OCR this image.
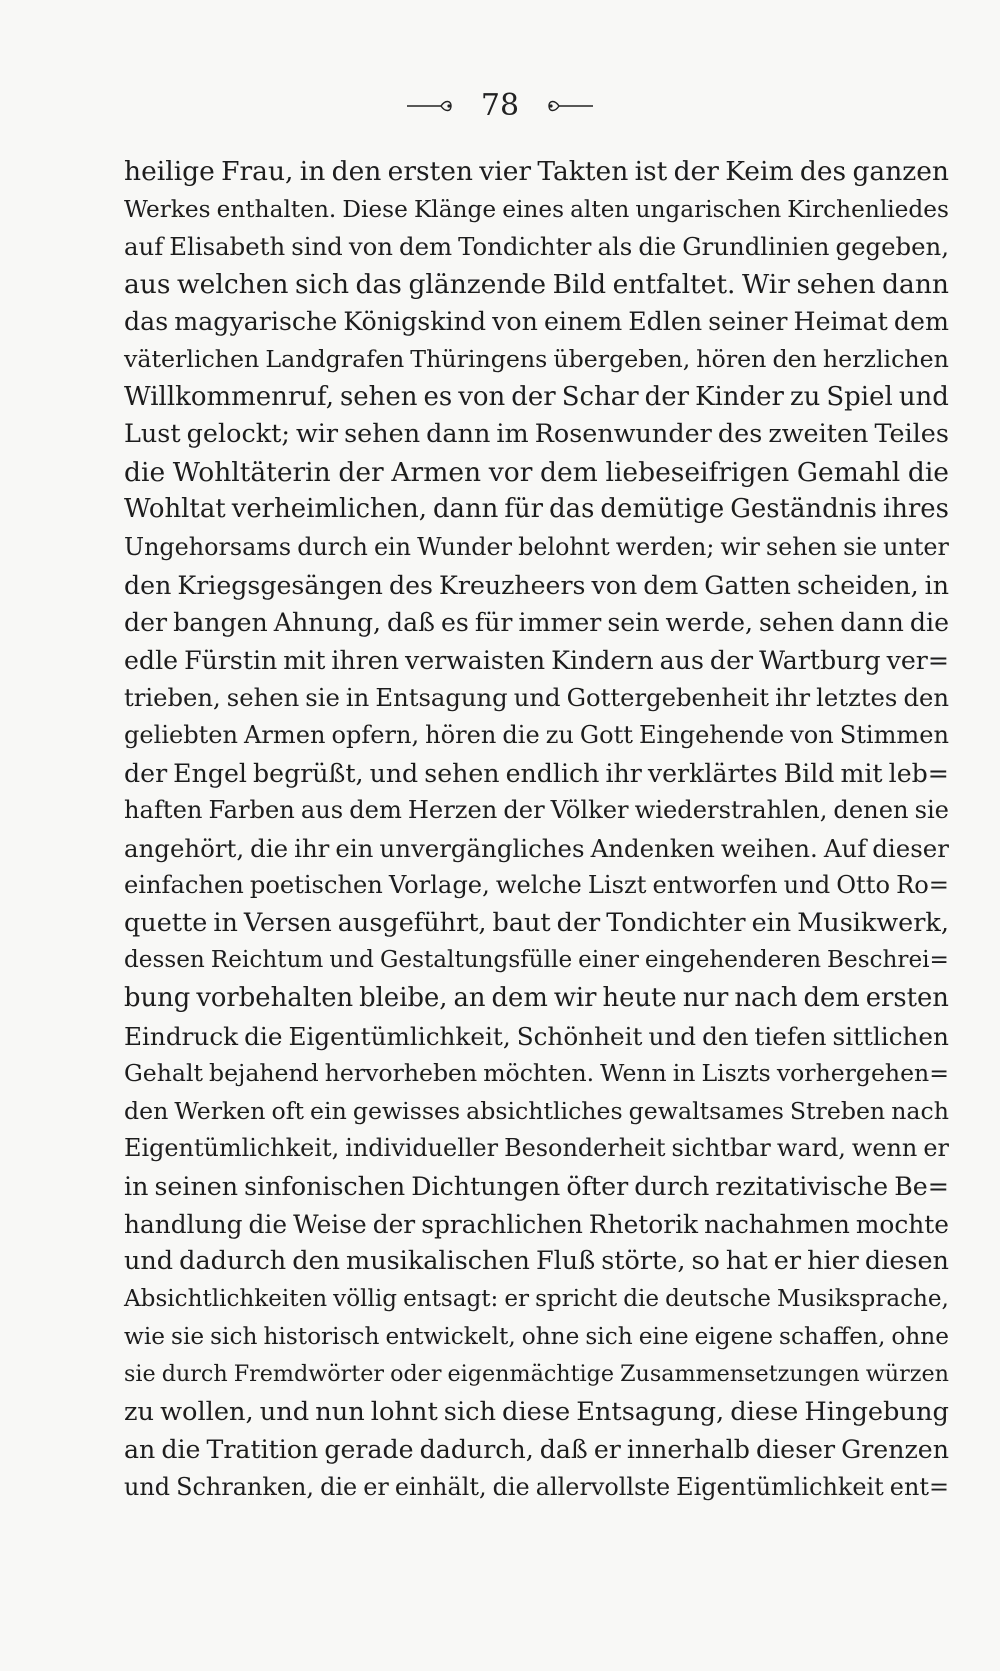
78
heilige Frau, in den ersten vier Takten ist der Keim des ganzen
Werkes enthalten. Diese Klänge eines alten ungarischen Kirchenliedes
auf Elisabeth sind von dem Tondichter als die Grundlinien gegeben,
aus welchen sich das glänzende Bild entfaltet. Wir sehen dann
das magyarische Königskind von einem Edlen seiner Heimat dem
väterlichen Landgrafen Thüringens übergeben, hören den herzlichen
Willkommenruf, sehen es von der Schar der Kinder zu Spiel und
Lust gelockt; wir sehen dann im Rosenwunder des zweiten Teiles
die Wohltäterin der Armen vor dem liebeseifrigen Gemahl die
Wohltat verheimlichen, dann für das demütige Geständnis ihres
Ungehorsams durch ein Wunder belohnt werden; wir sehen sie unter
den Kriegsgesängen des Kreuzheers von dem Gatten scheiden, in
der bangen Ahnung, daß es für immer sein werde, sehen dann die
edle Fürstin mit ihren verwaisten Kindern aus der Wartburg ver=
trieben, sehen sie in Entsagung und Gottergebenheit ihr letztes den
geliebten Armen opfern, hören die zu Gott Eingehende von Stimmen
der Engel begrüßt, und sehen endlich ihr verklärtes Bild mit leb=
haften Farben aus dem Herzen der Völker wiederstrahlen, denen sie
angehört, die ihr ein unvergängliches Andenken weihen. Auf dieser
einfachen poetischen Vorlage, welche Liszt entworfen und Otto Ro=
quette in Versen ausgeführt, baut der Tondichter ein Musikwerk,
dessen Reichtum und Gestaltungsfülle einer eingehenderen Beschrei=
bung vorbehalten bleibe, an dem wir heute nur nach dem ersten
Eindruck die Eigentümlichkeit, Schönheit und den tiefen sittlichen
Gehalt bejahend hervorheben möchten. Wenn in Liszts vorhergehen=
den Werken oft ein gewisses absichtliches gewaltsames Streben nach
Eigentümlichkeit, individueller Besonderheit sichtbar ward, wenn er
in seinen sinfonischen Dichtungen öfter durch rezitativische Be=
handlung die Weise der sprachlichen Rhetorik nachahmen mochte
und dadurch den musikalischen Fluß störte, so hat er hier diesen
Absichtlichkeiten völlig entsagt: er spricht die deutsche Musiksprache,
wie sie sich historisch entwickelt, ohne sich eine eigene schaffen, ohne
sie durch Fremdwörter oder eigenmächtige Zusammensetzungen würzen
zu wollen, und nun lohnt sich diese Entsagung, diese Hingebung
an die Tratition gerade dadurch, daß er innerhalb dieser Grenzen
und Schranken, die er einhält, die allervollste Eigentümlichkeit ent=
